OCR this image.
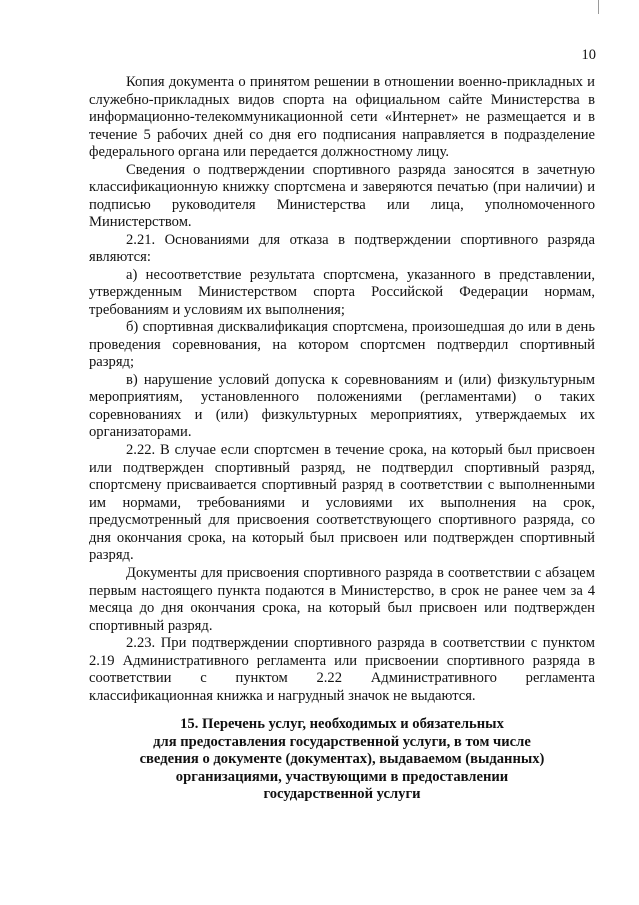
10

Копия документа о принятом решении в отношении военно-прикладных и служебно-прикладных видов спорта на официальном сайте Министерства в информационно-телекоммуникационной сети «Интернет» не размещается и в течение 5 рабочих дней со дня его подписания направляется в подразделение федерального органа или передается должностному лицу.

Сведения о подтверждении спортивного разряда заносятся в зачетную классификационную книжку спортсмена и заверяются печатью (при наличии) и подписью руководителя Министерства или лица, уполномоченного Министерством.

2.21. Основаниями для отказа в подтверждении спортивного разряда являются:

а) несоответствие результата спортсмена, указанного в представлении, утвержденным Министерством спорта Российской Федерации нормам, требованиям и условиям их выполнения;

б) спортивная дисквалификация спортсмена, произошедшая до или в день проведения соревнования, на котором спортсмен подтвердил спортивный разряд;

в) нарушение условий допуска к соревнованиям и (или) физкультурным мероприятиям, установленного положениями (регламентами) о таких соревнованиях и (или) физкультурных мероприятиях, утверждаемых их организаторами.

2.22. В случае если спортсмен в течение срока, на который был присвоен или подтвержден спортивный разряд, не подтвердил спортивный разряд, спортсмену присваивается спортивный разряд в соответствии с выполненными им нормами, требованиями и условиями их выполнения на срок, предусмотренный для присвоения соответствующего спортивного разряда, со дня окончания срока, на который был присвоен или подтвержден спортивный разряд.

Документы для присвоения спортивного разряда в соответствии с абзацем первым настоящего пункта подаются в Министерство, в срок не ранее чем за 4 месяца до дня окончания срока, на который был присвоен или подтвержден спортивный разряд.

2.23. При подтверждении спортивного разряда в соответствии с пунктом 2.19 Административного регламента или присвоении спортивного разряда в соответствии с пунктом 2.22 Административного регламента классификационная книжка и нагрудный значок не выдаются.

15. Перечень услуг, необходимых и обязательных
для предоставления государственной услуги, в том числе
сведения о документе (документах), выдаваемом (выданных)
организациями, участвующими в предоставлении
государственной услуги
